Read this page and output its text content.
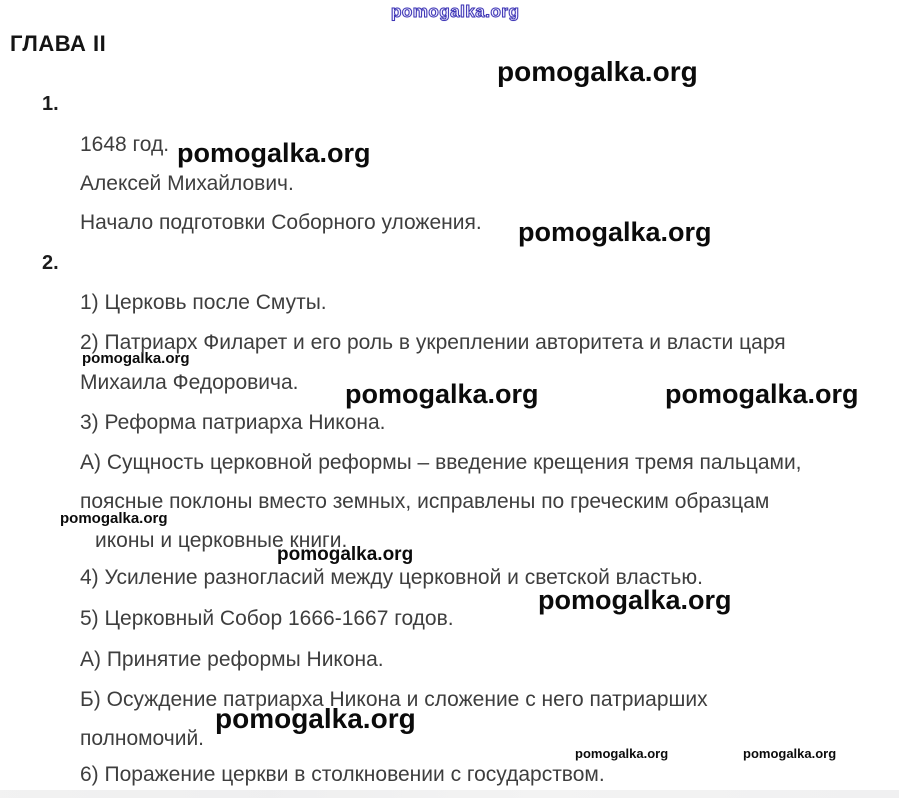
pomogalka.org
pomogalka.org
pomogalka.org
pomogalka.org
pomogalka.org
pomogalka.org	pomogalka.org
pomogalka.org
pomogalka.org
pomogalka.org
pomogalka.org
pomogalka.org	pomogalka.org
ГЛАВА II
1.
1648 год.
Алексей Михайлович.
Начало подготовки Соборного уложения.
2.
1) Церковь после Смуты.
2) Патриарх Филарет и его роль в укреплении авторитета и власти царя
Михаила Федоровича.
3) Реформа патриарха Никона.
А) Сущность церковной реформы – введение крещения тремя пальцами,
поясные поклоны вместо земных, исправлены по греческим образцам
иконы и церковные книги.
4) Усиление разногласий между церковной и светской властью.
5) Церковный Собор 1666-1667 годов.
А) Принятие реформы Никона.
Б) Осуждение патриарха Никона и сложение с него патриарших
полномочий.
6) Поражение церкви в столкновении с государством.
